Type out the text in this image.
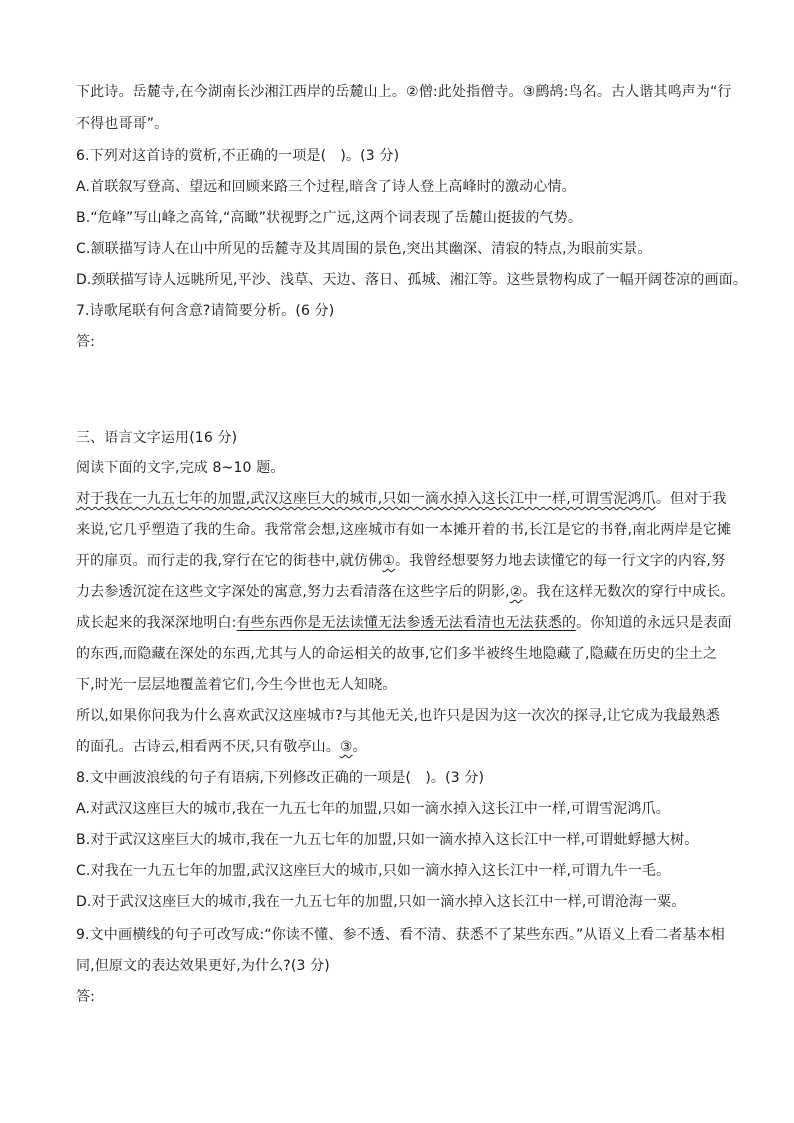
下此诗。岳麓寺,在今湖南长沙湘江西岸的岳麓山上。②僧:此处指僧寺。③鹧鸪:鸟名。古人谐其鸣声为“行
不得也哥哥”。
6.下列对这首诗的赏析,不正确的一项是(　)。(3 分)
A.首联叙写登高、望远和回顾来路三个过程,暗含了诗人登上高峰时的激动心情。
B.“危峰”写山峰之高耸,“高瞰”状视野之广远,这两个词表现了岳麓山挺拔的气势。
C.颔联描写诗人在山中所见的岳麓寺及其周围的景色,突出其幽深、清寂的特点,为眼前实景。
D.颈联描写诗人远眺所见,平沙、浅草、天边、落日、孤城、湘江等。这些景物构成了一幅开阔苍凉的画面。
7.诗歌尾联有何含意?请简要分析。(6 分)
答:
三、语言文字运用(16 分)
阅读下面的文字,完成 8~10 题。
对于我在一九五七年的加盟,武汉这座巨大的城市,只如一滴水掉入这长江中一样,可谓雪泥鸿爪。但对于我
来说,它几乎塑造了我的生命。我常常会想,这座城市有如一本摊开着的书,长江是它的书脊,南北两岸是它摊
开的扉页。而行走的我,穿行在它的街巷中,就仿佛①。我曾经想要努力地去读懂它的每一行文字的内容,努
力去参透沉淀在这些文字深处的寓意,努力去看清落在这些字后的阴影,②。我在这样无数次的穿行中成长。
成长起来的我深深地明白:有些东西你是无法读懂无法参透无法看清也无法获悉的。你知道的永远只是表面
的东西,而隐藏在深处的东西,尤其与人的命运相关的故事,它们多半被终生地隐藏了,隐藏在历史的尘土之
下,时光一层层地覆盖着它们,今生今世也无人知晓。
所以,如果你问我为什么喜欢武汉这座城市?与其他无关,也许只是因为这一次次的探寻,让它成为我最熟悉
的面孔。古诗云,相看两不厌,只有敬亭山。③。
8.文中画波浪线的句子有语病,下列修改正确的一项是(　)。(3 分)
A.对武汉这座巨大的城市,我在一九五七年的加盟,只如一滴水掉入这长江中一样,可谓雪泥鸿爪。
B.对于武汉这座巨大的城市,我在一九五七年的加盟,只如一滴水掉入这长江中一样,可谓蚍蜉撼大树。
C.对我在一九五七年的加盟,武汉这座巨大的城市,只如一滴水掉入这长江中一样,可谓九牛一毛。
D.对于武汉这座巨大的城市,我在一九五七年的加盟,只如一滴水掉入这长江中一样,可谓沧海一粟。
9.文中画横线的句子可改写成:“你读不懂、参不透、看不清、获悉不了某些东西。”从语义上看二者基本相
同,但原文的表达效果更好,为什么?(3 分)
答:
